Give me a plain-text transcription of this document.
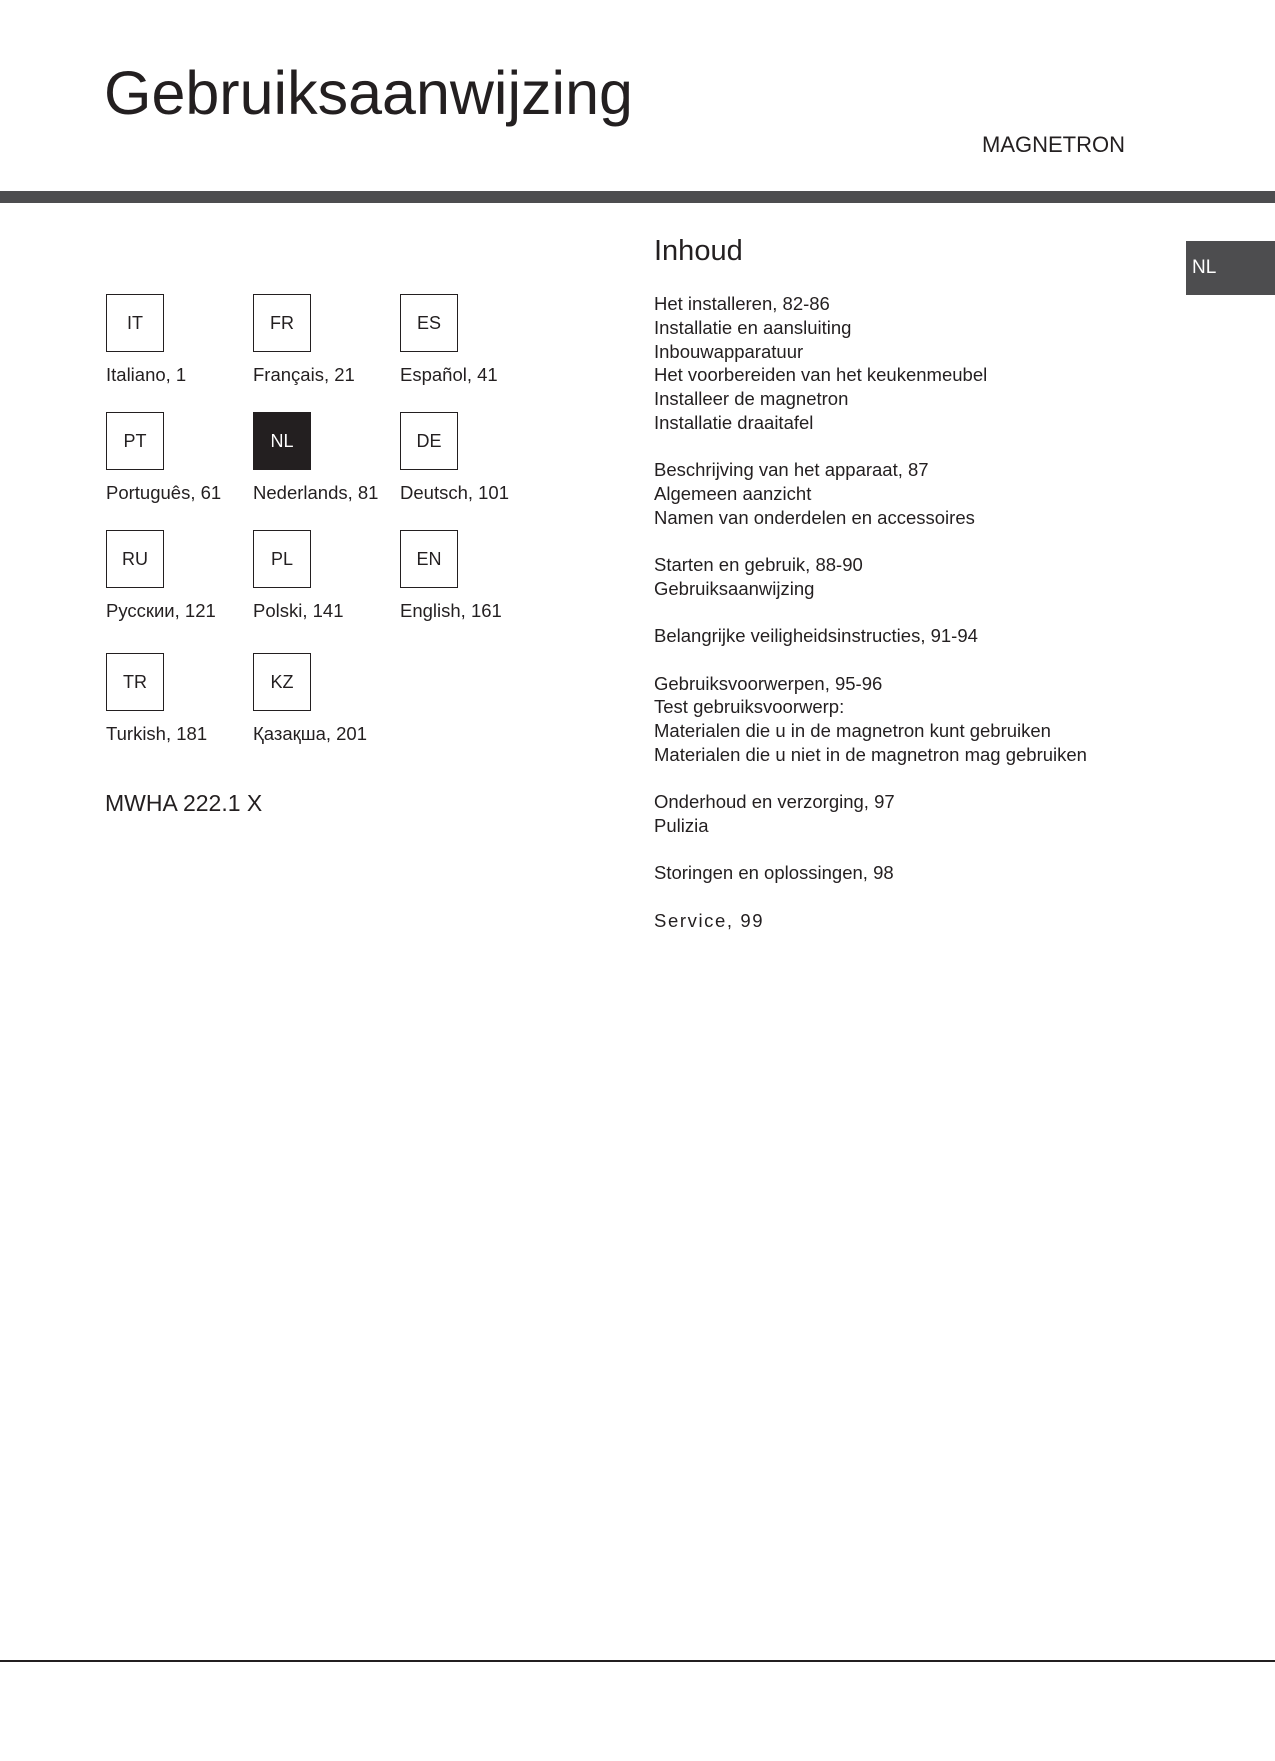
Gebruiksaanwijzing
MAGNETRON
NL
IT
Italiano, 1
FR
Français, 21
ES
Español, 41
PT
Português, 61
NL
Nederlands, 81
DE
Deutsch, 101
RU
Русскии, 121
PL
Polski, 141
EN
English, 161
TR
Turkish, 181
KZ
Қазақша, 201
MWHA 222.1 X
Inhoud
Het installeren, 82-86
Installatie en aansluiting
Inbouwapparatuur
Het voorbereiden van het keukenmeubel
Installeer de magnetron
Installatie draaitafel
Beschrijving van het apparaat, 87
Algemeen aanzicht
Namen van onderdelen en accessoires
Starten en gebruik, 88-90
Gebruiksaanwijzing
Belangrijke veiligheidsinstructies, 91-94
Gebruiksvoorwerpen, 95-96
Test gebruiksvoorwerp:
Materialen die u in de magnetron kunt gebruiken
Materialen die u niet in de magnetron mag gebruiken
Onderhoud en verzorging, 97
Pulizia
Storingen en oplossingen, 98
Service, 99
